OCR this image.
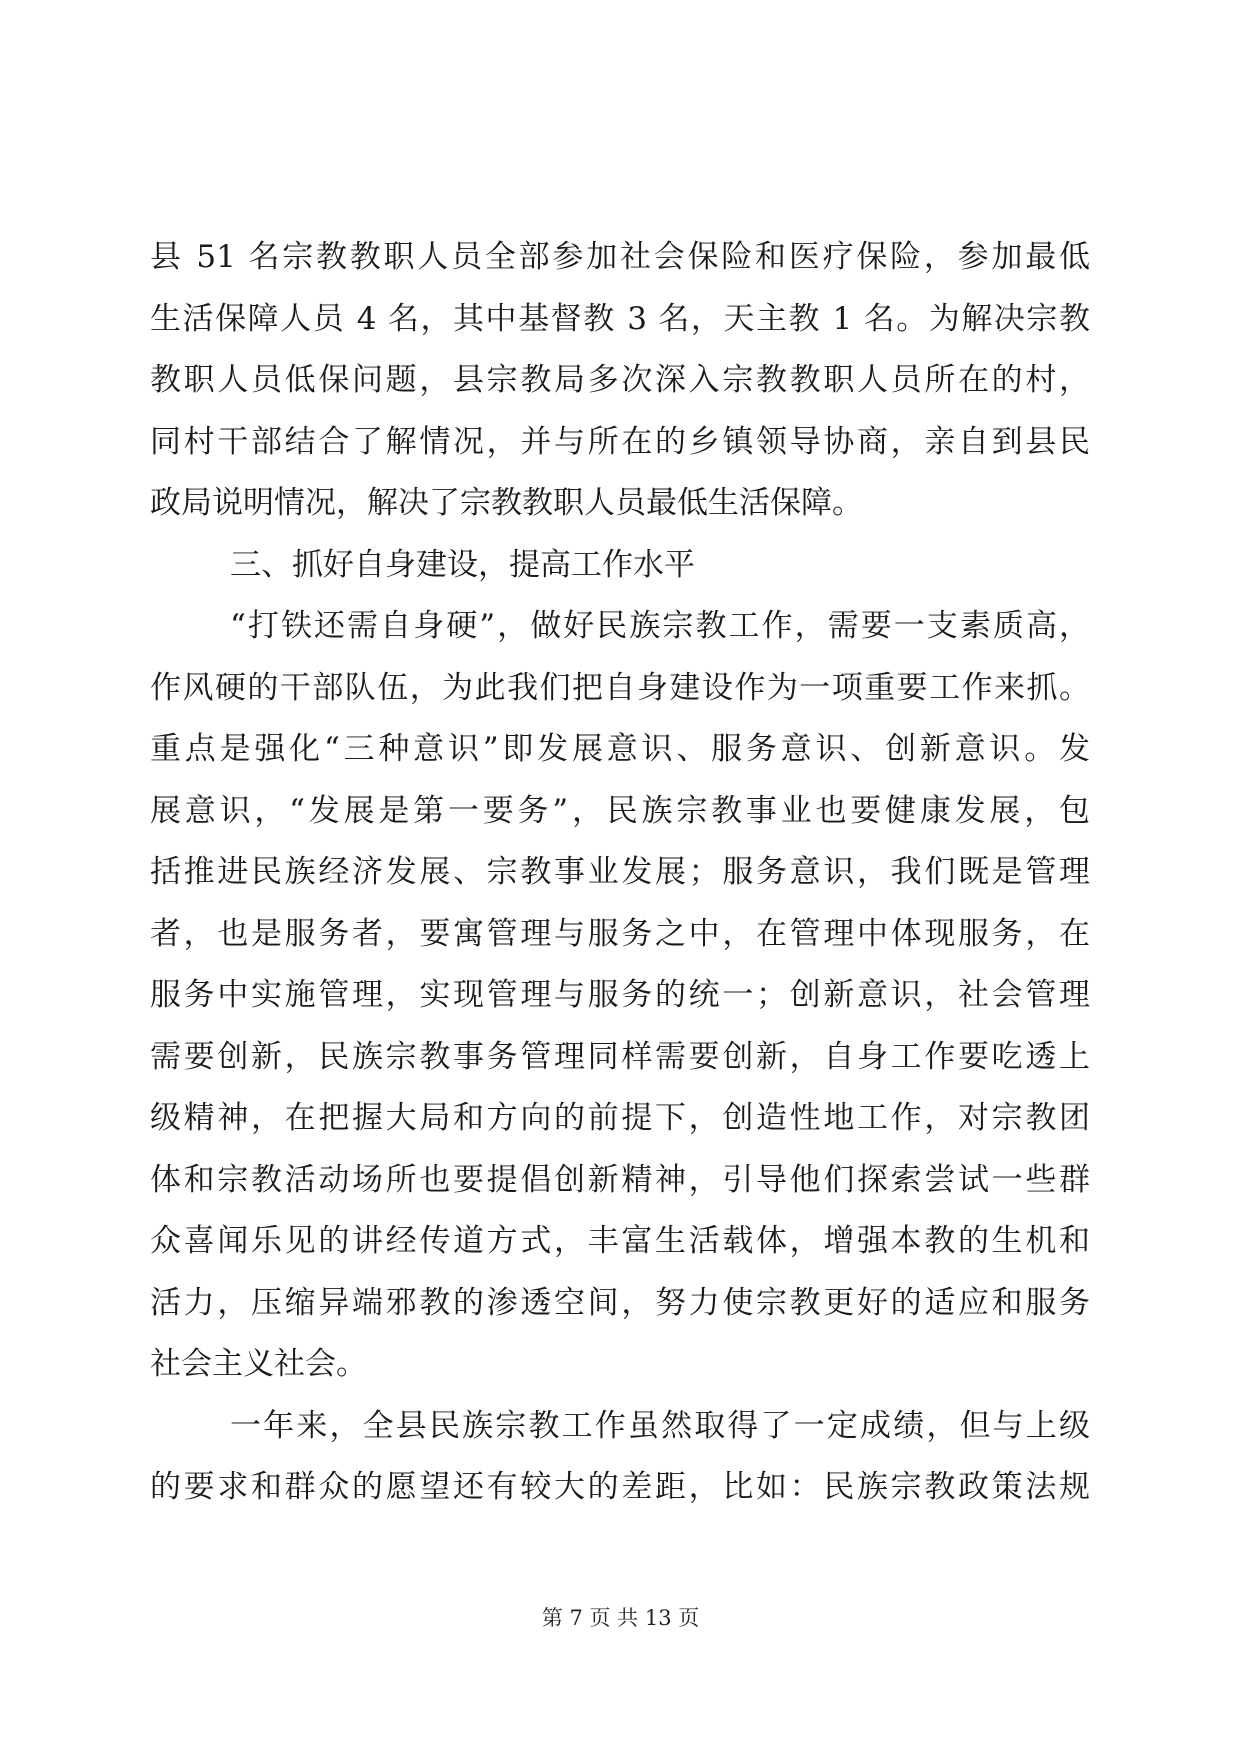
县 51 名宗教教职人员全部参加社会保险和医疗保险，参加最低
生活保障人员 4 名，其中基督教 3 名，天主教 1 名。为解决宗教
教职人员低保问题，县宗教局多次深入宗教教职人员所在的村，
同村干部结合了解情况，并与所在的乡镇领导协商，亲自到县民
政局说明情况，解决了宗教教职人员最低生活保障。
三、抓好自身建设，提高工作水平
“打铁还需自身硬”，做好民族宗教工作，需要一支素质高，
作风硬的干部队伍，为此我们把自身建设作为一项重要工作来抓。
重点是强化“三种意识”即发展意识、服务意识、创新意识。发
展意识，“发展是第一要务”，民族宗教事业也要健康发展，包
括推进民族经济发展、宗教事业发展；服务意识，我们既是管理
者，也是服务者，要寓管理与服务之中，在管理中体现服务，在
服务中实施管理，实现管理与服务的统一；创新意识，社会管理
需要创新，民族宗教事务管理同样需要创新，自身工作要吃透上
级精神，在把握大局和方向的前提下，创造性地工作，对宗教团
体和宗教活动场所也要提倡创新精神，引导他们探索尝试一些群
众喜闻乐见的讲经传道方式，丰富生活载体，增强本教的生机和
活力，压缩异端邪教的渗透空间，努力使宗教更好的适应和服务
社会主义社会。
一年来，全县民族宗教工作虽然取得了一定成绩，但与上级
的要求和群众的愿望还有较大的差距，比如：民族宗教政策法规
第 7 页 共 13 页
